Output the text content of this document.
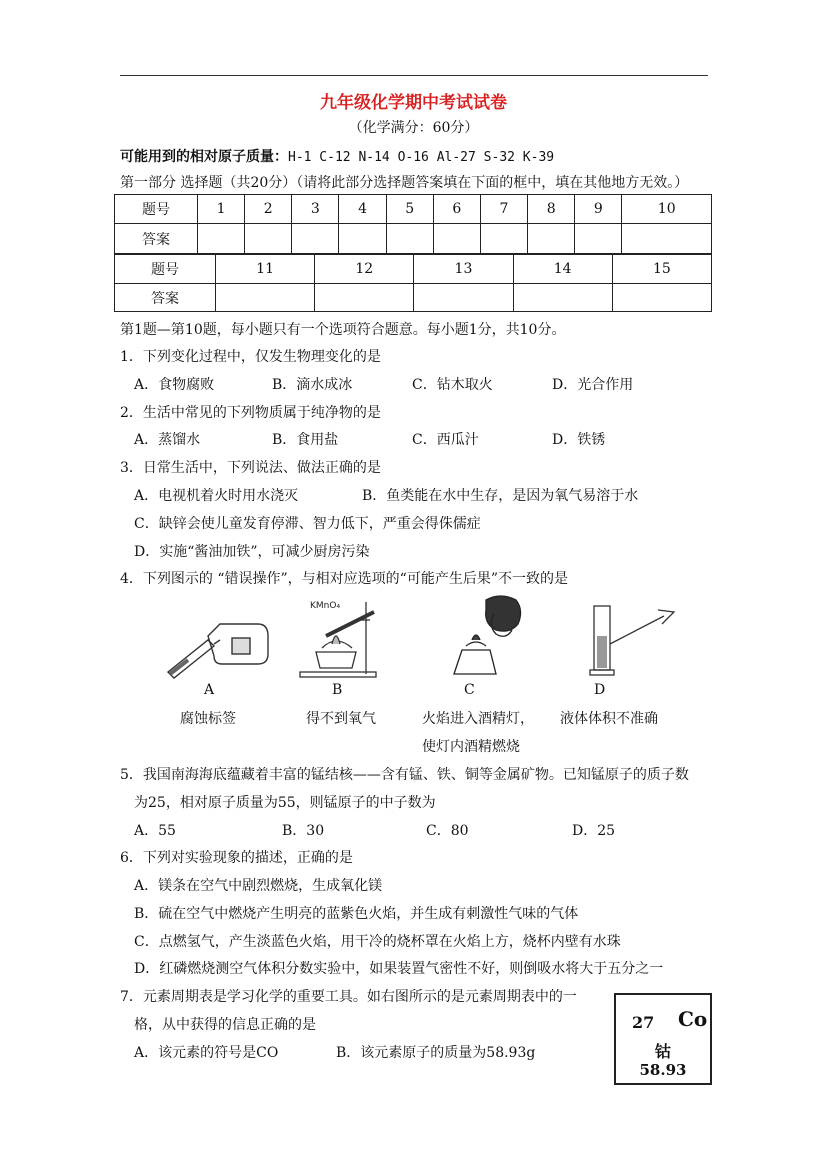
九年级化学期中考试试卷
（化学满分：60分）
可能用到的相对原子质量：H-1 C-12 N-14 O-16 Al-27 S-32 K-39
第一部分 选择题（共20分）（请将此部分选择题答案填在下面的框中，填在其他地方无效。）
题号	1	2	3	4	5	6	7	8	9	10
答案										
题号	11	12	13	14	15
答案					
第1题—第10题，每小题只有一个选项符合题意。每小题1分，共10分。
1．下列变化过程中，仅发生物理变化的是
A．食物腐败	B．滴水成冰	C．钻木取火	D．光合作用
2．生活中常见的下列物质属于纯净物的是
A．蒸馏水	B．食用盐	C．西瓜汁	D．铁锈
3．日常生活中，下列说法、做法正确的是
A．电视机着火时用水浇灭	B．鱼类能在水中生存，是因为氧气易溶于水
C．缺锌会使儿童发育停滞、智力低下，严重会得侏儒症
D．实施“酱油加铁”，可减少厨房污染
4．下列图示的 “错误操作”，与相对应选项的“可能产生后果”不一致的是
KMnO₄
A	B	C	D
腐蚀标签	得不到氧气	火焰进入酒精灯， 液体体积不准确
使灯内酒精燃烧
5．我国南海海底蕴藏着丰富的锰结核——含有锰、铁、铜等金属矿物。已知锰原子的质子数
为25，相对原子质量为55，则锰原子的中子数为
A．55	B．30	C．80	D．25
6．下列对实验现象的描述，正确的是
A．镁条在空气中剧烈燃烧，生成氧化镁
B．硫在空气中燃烧产生明亮的蓝紫色火焰，并生成有刺激性气味的气体
C．点燃氢气，产生淡蓝色火焰，用干冷的烧杯罩在火焰上方，烧杯内壁有水珠
D．红磷燃烧测空气体积分数实验中，如果装置气密性不好，则倒吸水将大于五分之一
7．元素周期表是学习化学的重要工具。如右图所示的是元素周期表中的一
格，从中获得的信息正确的是
A．该元素的符号是CO	B．该元素原子的质量为58.93g
27 Co
钴
58.93
